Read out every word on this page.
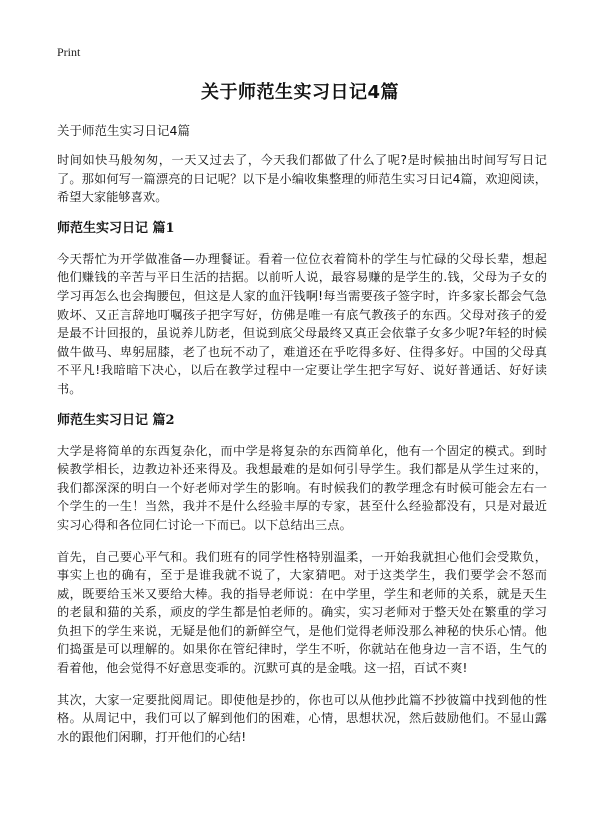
Print
关于师范生实习日记4篇
关于师范生实习日记4篇

时间如快马般匆匆，一天又过去了，今天我们都做了什么了呢?是时候抽出时间写写日记了。那如何写一篇漂亮的日记呢？以下是小编收集整理的师范生实习日记4篇，欢迎阅读，希望大家能够喜欢。

师范生实习日记 篇1

今天帮忙为开学做准备—办理餐证。看着一位位衣着简朴的学生与忙碌的父母长辈，想起他们赚钱的辛苦与平日生活的拮据。以前听人说，最容易赚的是学生的.钱，父母为子女的学习再怎么也会掏腰包，但这是人家的血汗钱啊!每当需要孩子签字时，许多家长都会气急败坏、又正言辞地叮嘱孩子把字写好，仿佛是唯一有底气教孩子的东西。父母对孩子的爱是最不计回报的，虽说养儿防老，但说到底父母最终又真正会依靠子女多少呢?年轻的时候做牛做马、卑躬屈膝，老了也玩不动了，难道还在乎吃得多好、住得多好。中国的父母真不平凡!我暗暗下决心，以后在教学过程中一定要让学生把字写好、说好普通话、好好读书。

师范生实习日记 篇2

大学是将简单的东西复杂化，而中学是将复杂的东西简单化，他有一个固定的模式。到时候教学相长，边教边补还来得及。我想最难的是如何引导学生。我们都是从学生过来的，我们都深深的明白一个好老师对学生的影响。有时候我们的教学理念有时候可能会左右一个学生的一生！当然，我并不是什么经验丰厚的专家，甚至什么经验都没有，只是对最近实习心得和各位同仁讨论一下而已。以下总结出三点。

首先，自己要心平气和。我们班有的同学性格特别温柔，一开始我就担心他们会受欺负，事实上也的确有，至于是谁我就不说了，大家猜吧。对于这类学生，我们要学会不怒而威，既要给玉米又要给大棒。我的指导老师说：在中学里，学生和老师的关系，就是天生的老鼠和猫的关系，顽皮的学生都是怕老师的。确实，实习老师对于整天处在繁重的学习负担下的学生来说，无疑是他们的新鲜空气，是他们觉得老师没那么神秘的快乐心情。他们捣蛋是可以理解的。如果你在管纪律时，学生不听，你就站在他身边一言不语，生气的看着他，他会觉得不好意思变乖的。沉默可真的是金哦。这一招，百试不爽!

其次，大家一定要批阅周记。即使他是抄的，你也可以从他抄此篇不抄彼篇中找到他的性格。从周记中，我们可以了解到他们的困难，心情，思想状况，然后鼓励他们。不显山露水的跟他们闲聊，打开他们的心结!
